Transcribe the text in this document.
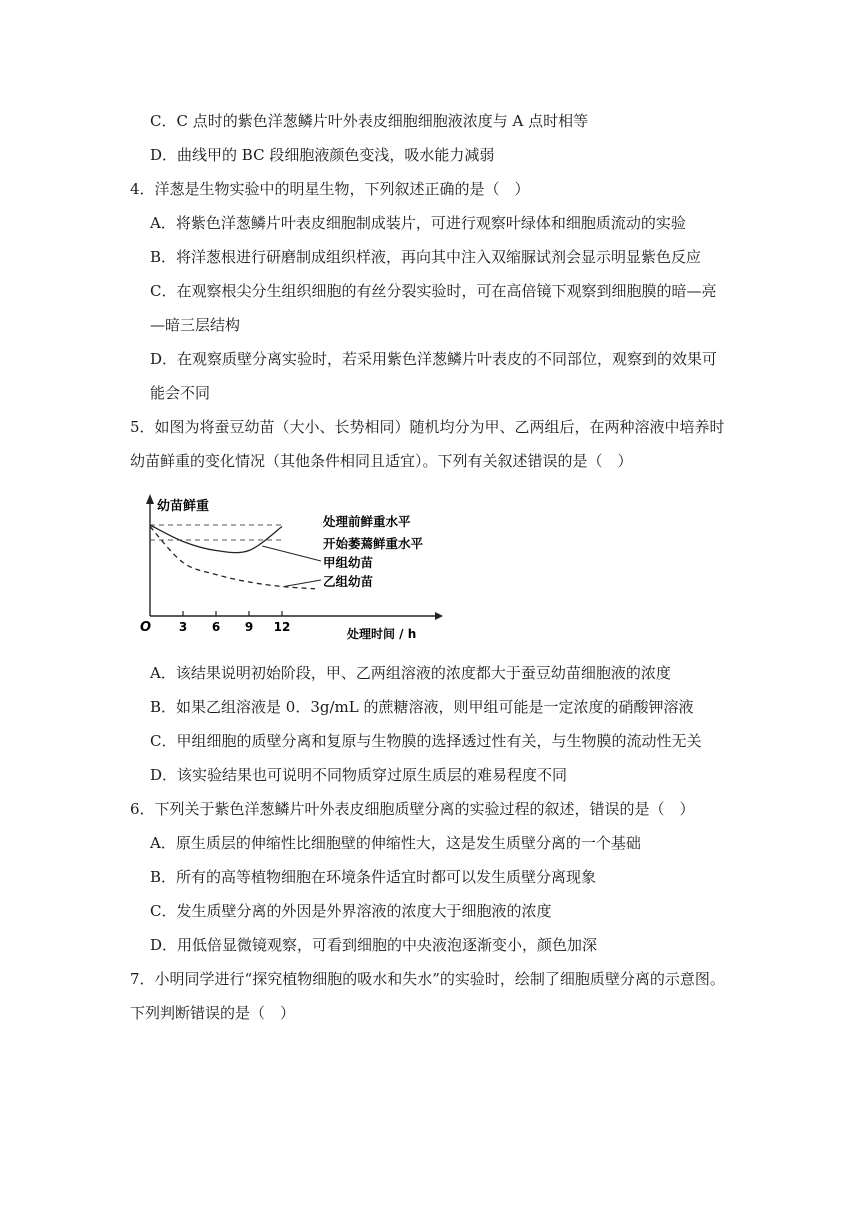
C．C 点时的紫色洋葱鳞片叶外表皮细胞细胞液浓度与 A 点时相等
D．曲线甲的 BC 段细胞液颜色变浅，吸水能力减弱
4．洋葱是生物实验中的明星生物，下列叙述正确的是（　）
A．将紫色洋葱鳞片叶表皮细胞制成装片，可进行观察叶绿体和细胞质流动的实验
B．将洋葱根进行研磨制成组织样液，再向其中注入双缩脲试剂会显示明显紫色反应
C．在观察根尖分生组织细胞的有丝分裂实验时，可在高倍镜下观察到细胞膜的暗—亮
—暗三层结构
D．在观察质壁分离实验时，若采用紫色洋葱鳞片叶表皮的不同部位，观察到的效果可
能会不同
5．如图为将蚕豆幼苗（大小、长势相同）随机均分为甲、乙两组后，在两种溶液中培养时
幼苗鲜重的变化情况（其他条件相同且适宜）。下列有关叙述错误的是（　）
幼苗鲜重
O	处理时间 / h
3 6 9 12
处理前鲜重水平
开始萎蔫鲜重水平
甲组幼苗
乙组幼苗
A．该结果说明初始阶段，甲、乙两组溶液的浓度都大于蚕豆幼苗细胞液的浓度
B．如果乙组溶液是 0．3g/mL 的蔗糖溶液，则甲组可能是一定浓度的硝酸钾溶液
C．甲组细胞的质壁分离和复原与生物膜的选择透过性有关，与生物膜的流动性无关
D．该实验结果也可说明不同物质穿过原生质层的难易程度不同
6．下列关于紫色洋葱鳞片叶外表皮细胞质壁分离的实验过程的叙述，错误的是（　）
A．原生质层的伸缩性比细胞壁的伸缩性大，这是发生质壁分离的一个基础
B．所有的高等植物细胞在环境条件适宜时都可以发生质壁分离现象
C．发生质壁分离的外因是外界溶液的浓度大于细胞液的浓度
D．用低倍显微镜观察，可看到细胞的中央液泡逐渐变小，颜色加深
7．小明同学进行“探究植物细胞的吸水和失水”的实验时，绘制了细胞质壁分离的示意图。
下列判断错误的是（　）
